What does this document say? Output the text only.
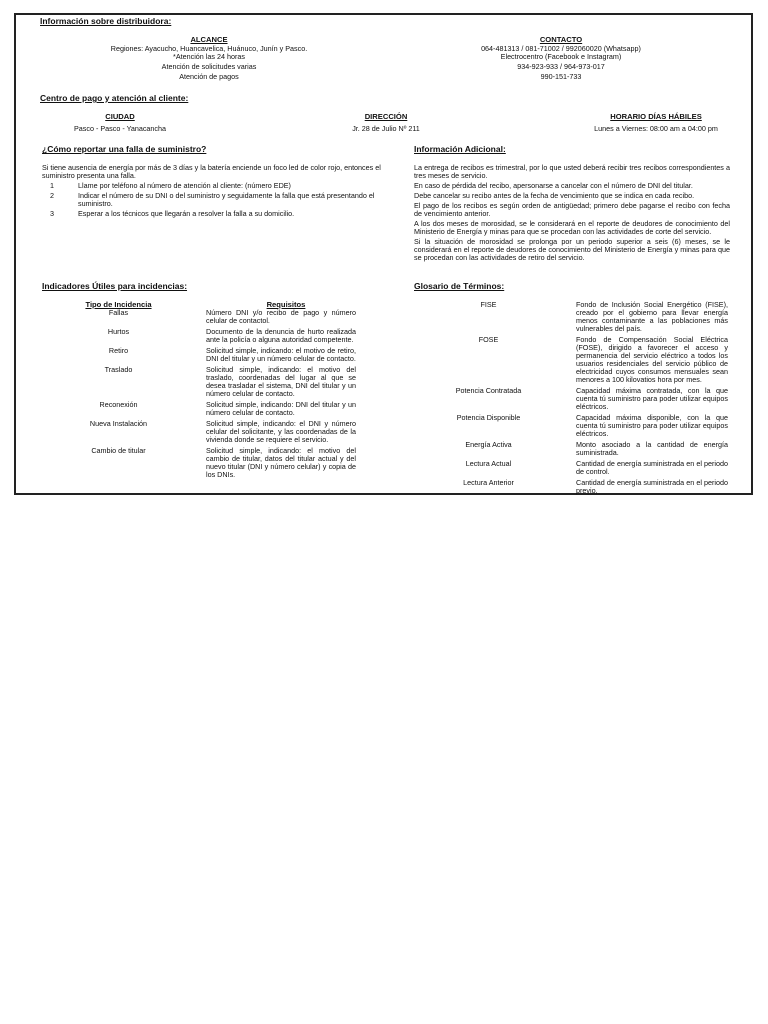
Información sobre distribuidora:
ALCANCE
Regiones: Ayacucho, Huancavelica, Huánuco, Junín y Pasco.
*Atención las 24 horas
Atención de solicitudes varias
Atención de pagos
CONTACTO
064-481313 / 081-71002 / 992060020 (Whatsapp)
Electrocentro (Facebook e Instagram)
934-923-933 / 964-973-017
990-151-733
Centro de pago y atención al cliente:
CIUDAD
Pasco - Pasco - Yanacancha
DIRECCIÓN
Jr. 28 de Julio Nº 211
HORARIO DÍAS HÁBILES
Lunes a Viernes: 08:00 am a 04:00 pm
¿Cómo reportar una falla de suministro?
Si tiene ausencia de energía por más de 3 días y la batería enciende un foco led de color rojo, entonces el suministro presenta una falla.
1	Llame por teléfono al número de atención al cliente: (número EDE)
2	Indicar el número de su DNI o del suministro y seguidamente la falla que está presentando el suministro.
3	Esperar a los técnicos que llegarán a resolver la falla a su domicilio.
Información Adicional:
La entrega de recibos es trimestral, por lo que usted deberá recibir tres recibos correspondientes a tres meses de servicio.
En caso de pérdida del recibo, apersonarse a cancelar con el número de DNI del titular.
Debe cancelar su recibo antes de la fecha de vencimiento que se indica en cada recibo.
El pago de los recibos es según orden de antigüedad; primero debe pagarse el recibo con fecha de vencimiento anterior.
A los dos meses de morosidad, se le considerará en el reporte de deudores de conocimiento del Ministerio de Energía y minas para que se procedan con las actividades de corte del servicio.
Si la situación de morosidad se prolonga por un periodo superior a seis (6) meses, se le considerará en el reporte de deudores de conocimiento del Ministerio de Energía y minas para que se procedan con las actividades de retiro del servicio.
Indicadores Útiles para incidencias:
Tipo de Incidencia	Requisitos
Fallas	Número DNI y/o recibo de pago y número celular de contactol.
Hurtos	Documento de la denuncia de hurto realizada ante la policía o alguna autoridad competente.
Retiro	Solicitud simple, indicando: el motivo de retiro, DNI del titular y un número celular de contacto.
Traslado	Solicitud simple, indicando: el motivo del traslado, coordenadas del lugar al que se desea trasladar el sistema, DNI del titular y un número celular de contacto.
Reconexión	Solicitud simple, indicando: DNI del titular y un número celular de contacto.
Nueva Instalación	Solicitud simple, indicando: el DNI y número celular del solicitante, y las coordenadas de la vivienda donde se requiere el servicio.
Cambio de titular	Solicitud simple, indicando: el motivo del cambio de titular, datos del titular actual y del nuevo titular (DNI y número celular) y copia de los DNIs.
Glosario de Términos:
FISE	Fondo de Inclusión Social Energético (FISE), creado por el gobierno para llevar energía menos contaminante a las poblaciones más vulnerables del país.
FOSE	Fondo de Compensación Social Eléctrica (FOSE), dirigido a favorecer el acceso y permanencia del servicio eléctrico a todos los usuarios residenciales del servicio público de electricidad cuyos consumos mensuales sean menores a 100 kilovatios hora por mes.
Potencia Contratada	Capacidad máxima contratada, con la que cuenta tú suministro para poder utilizar equipos eléctricos.
Potencia Disponible	Capacidad máxima disponible, con la que cuenta tú suministro para poder utilizar equipos eléctricos.
Energía Activa	Monto asociado a la cantidad de energía suministrada.
Lectura Actual	Cantidad de energía suministrada en el periodo de control.
Lectura Anterior	Cantidad de energía suministrada en el periodo previo.
